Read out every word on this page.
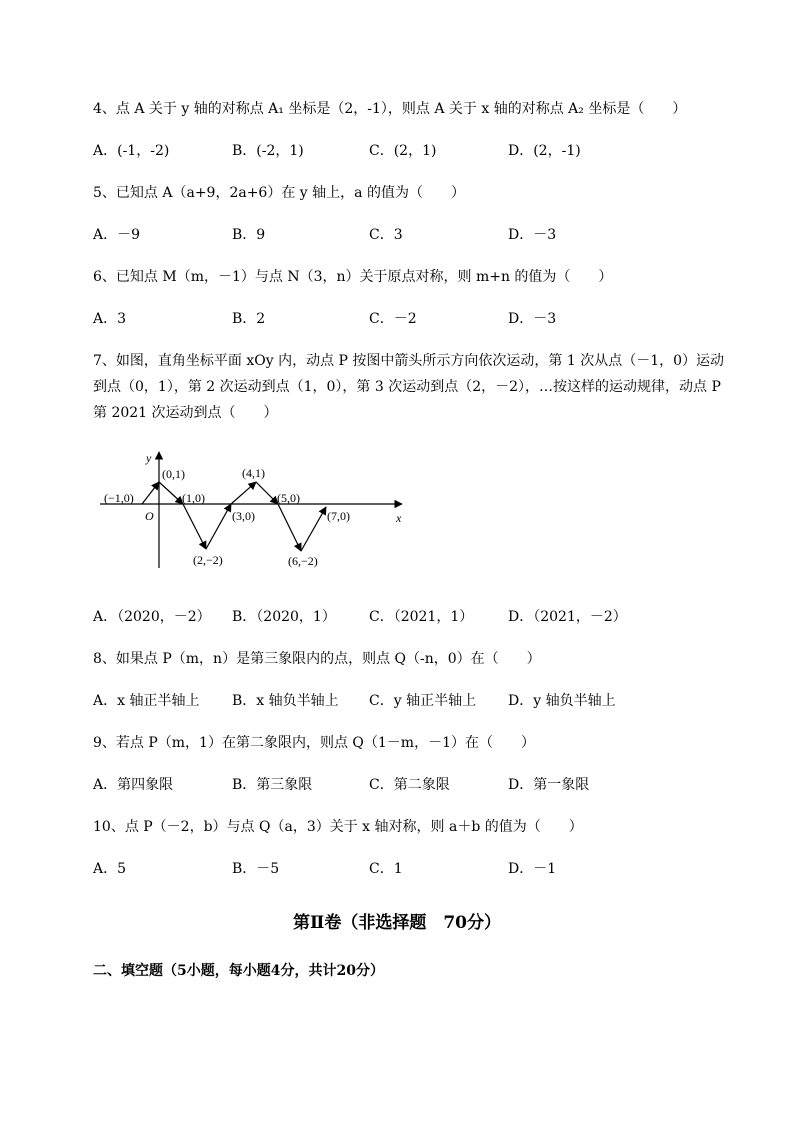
4、点 A 关于 y 轴的对称点 A₁ 坐标是（2，-1），则点 A 关于 x 轴的对称点 A₂ 坐标是（　　）
A．(-1，-2)	B．(-2，1)	C．(2，1)	D．(2，-1)
5、已知点 A（a+9，2a+6）在 y 轴上，a 的值为（　　）
A．－9	B．9	C．3	D．－3
6、已知点 M（m，－1）与点 N（3，n）关于原点对称，则 m+n 的值为（　　）
A．3	B．2	C．－2	D．－3
7、如图，直角坐标平面 xOy 内，动点 P 按图中箭头所示方向依次运动，第 1 次从点（－1，0）运动
到点（0，1），第 2 次运动到点（1，0），第 3 次运动到点（2，－2），…按这样的运动规律，动点 P
第 2021 次运动到点（　　）
y
x
O
(−1,0)
(0,1)
(1,0)
(2,−2)
(3,0)
(4,1)
(5,0)
(6,−2)
(7,0)
A．（2020，－2） B．（2020，1） C．（2021，1） D．（2021，－2）
8、如果点 P（m，n）是第三象限内的点，则点 Q（-n，0）在（　　）
A．x 轴正半轴上 B．x 轴负半轴上 C．y 轴正半轴上 D．y 轴负半轴上
9、若点 P（m，1）在第二象限内，则点 Q（1－m，－1）在（　　）
A．第四象限	B．第三象限	C．第二象限	D．第一象限
10、点 P（－2，b）与点 Q（a，3）关于 x 轴对称，则 a＋b 的值为（　　）
A．5	B．－5	C．1	D．－1
第Ⅱ卷（非选择题　70分）
二、填空题（5小题，每小题4分，共计20分）
